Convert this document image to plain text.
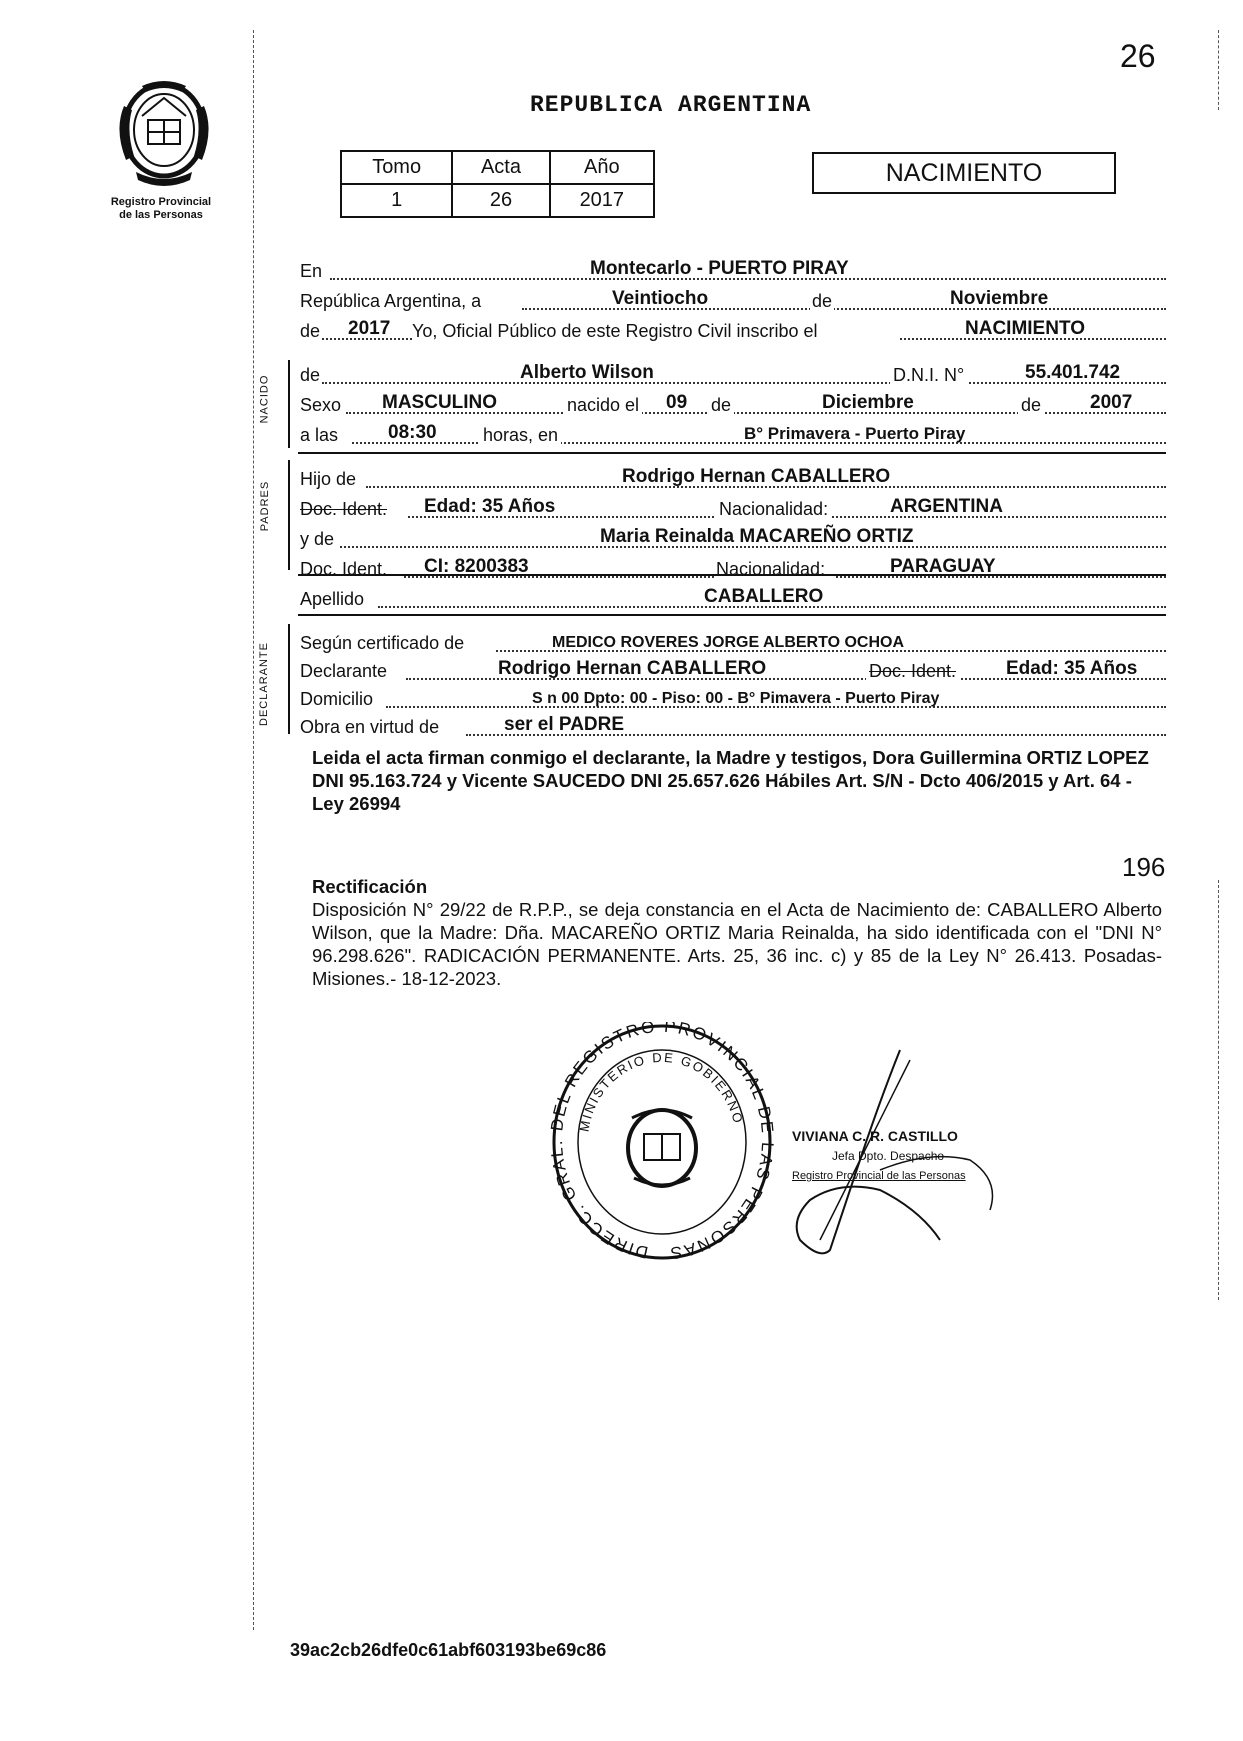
26
Registro Provincial
de las Personas
REPUBLICA ARGENTINA
Tomo	Acta	Año
1	26	2017
NACIMIENTO
En	Montecarlo - PUERTO PIRAY
República Argentina, a	Veintiocho	de	Noviembre
de 2017 Yo, Oficial Público de este Registro Civil inscribo el	NACIMIENTO
NACIDO de	Alberto Wilson	D.N.I. N°	55.401.742
Sexo MASCULINO	nacido el 09 de	Diciembre	de	2007
a las	08:30	horas, en	B° Primavera - Puerto Piray
PADRES
Hijo de	Rodrigo Hernan CABALLERO
Doc. Ident. Edad: 35 Años	Nacionalidad:	ARGENTINA
y de	Maria Reinalda MACAREÑO ORTIZ
Doc. Ident. CI: 8200383	Nacionalidad:	PARAGUAY
Apellido	CABALLERO
DECLARANTE Según certificado de	MEDICO ROVERES JORGE ALBERTO OCHOA
Declarante	Rodrigo Hernan CABALLERO	Doc. Ident.	Edad: 35 Años
Domicilio	S n 00 Dpto: 00 - Piso: 00 - B° Pimavera - Puerto Piray
Obra en virtud de	ser el PADRE
Leida el acta firman conmigo el declarante, la Madre y testigos, Dora Guillermina ORTIZ LOPEZ DNI 95.163.724 y Vicente SAUCEDO DNI 25.657.626 Hábiles Art. S/N - Dcto 406/2015 y Art. 64 - Ley 26994
196
Rectificación
Disposición N° 29/22 de R.P.P., se deja constancia en el Acta de Nacimiento de: CABALLERO Alberto Wilson, que la Madre: Dña. MACAREÑO ORTIZ Maria Reinalda, ha sido identificada con el "DNI N° 96.298.626". RADICACIÓN PERMANENTE. Arts. 25, 36 inc. c) y 85 de la Ley N° 26.413. Posadas- Misiones.- 18-12-2023.
DIRECC. GRAL. DEL REGISTRO PROVINCIAL DE LAS PERSONAS
MINISTERIO DE GOBIERNO
VIVIANA C. R. CASTILLO
Jefa Dpto. Despacho
Registro Provincial de las Personas
39ac2cb26dfe0c61abf603193be69c86
